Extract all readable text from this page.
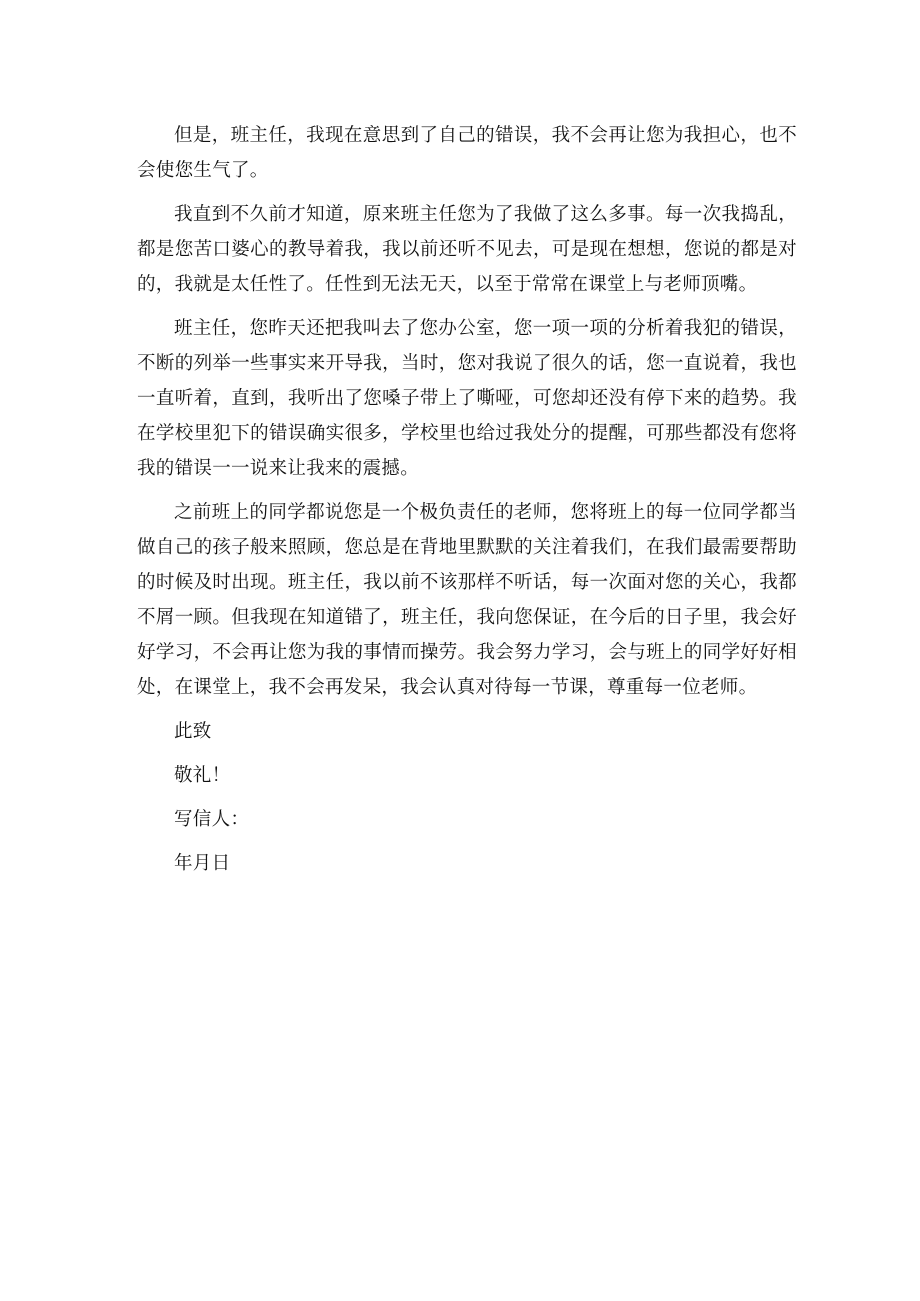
但是，班主任，我现在意思到了自己的错误，我不会再让您为我担心，也不会使您生气了。

我直到不久前才知道，原来班主任您为了我做了这么多事。每一次我捣乱，都是您苦口婆心的教导着我，我以前还听不见去，可是现在想想，您说的都是对的，我就是太任性了。任性到无法无天，以至于常常在课堂上与老师顶嘴。

班主任，您昨天还把我叫去了您办公室，您一项一项的分析着我犯的错误，不断的列举一些事实来开导我，当时，您对我说了很久的话，您一直说着，我也一直听着，直到，我听出了您嗓子带上了嘶哑，可您却还没有停下来的趋势。我在学校里犯下的错误确实很多，学校里也给过我处分的提醒，可那些都没有您将我的错误一一说来让我来的震撼。

之前班上的同学都说您是一个极负责任的老师，您将班上的每一位同学都当做自己的孩子般来照顾，您总是在背地里默默的关注着我们，在我们最需要帮助的时候及时出现。班主任，我以前不该那样不听话，每一次面对您的关心，我都不屑一顾。但我现在知道错了，班主任，我向您保证，在今后的日子里，我会好好学习，不会再让您为我的事情而操劳。我会努力学习，会与班上的同学好好相处，在课堂上，我不会再发呆，我会认真对待每一节课，尊重每一位老师。

此致

敬礼！

写信人：

年月日
